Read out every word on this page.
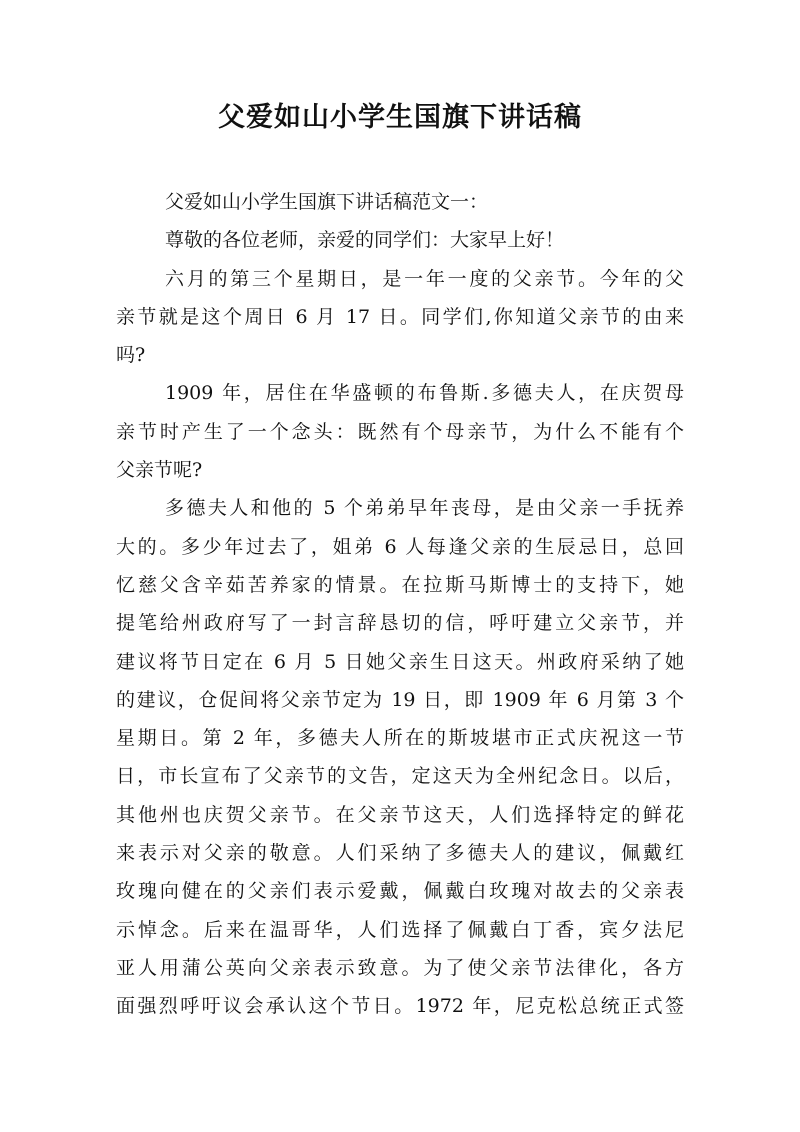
父爱如山小学生国旗下讲话稿
父爱如山小学生国旗下讲话稿范文一：
尊敬的各位老师，亲爱的同学们：大家早上好！
六月的第三个星期日，是一年一度的父亲节。今年的父
亲节就是这个周日 6 月 17 日。同学们,你知道父亲节的由来
吗?
1909 年，居住在华盛顿的布鲁斯.多德夫人，在庆贺母
亲节时产生了一个念头：既然有个母亲节，为什么不能有个
父亲节呢?
多德夫人和他的 5 个弟弟早年丧母，是由父亲一手抚养
大的。多少年过去了，姐弟 6 人每逢父亲的生辰忌日，总回
忆慈父含辛茹苦养家的情景。在拉斯马斯博士的支持下，她
提笔给州政府写了一封言辞恳切的信，呼吁建立父亲节，并
建议将节日定在 6 月 5 日她父亲生日这天。州政府采纳了她
的建议，仓促间将父亲节定为 19 日，即 1909 年 6 月第 3 个
星期日。第 2 年，多德夫人所在的斯坡堪市正式庆祝这一节
日，市长宣布了父亲节的文告，定这天为全州纪念日。以后，
其他州也庆贺父亲节。在父亲节这天，人们选择特定的鲜花
来表示对父亲的敬意。人们采纳了多德夫人的建议，佩戴红
玫瑰向健在的父亲们表示爱戴，佩戴白玫瑰对故去的父亲表
示悼念。后来在温哥华，人们选择了佩戴白丁香，宾夕法尼
亚人用蒲公英向父亲表示致意。为了使父亲节法律化，各方
面强烈呼吁议会承认这个节日。1972 年，尼克松总统正式签
